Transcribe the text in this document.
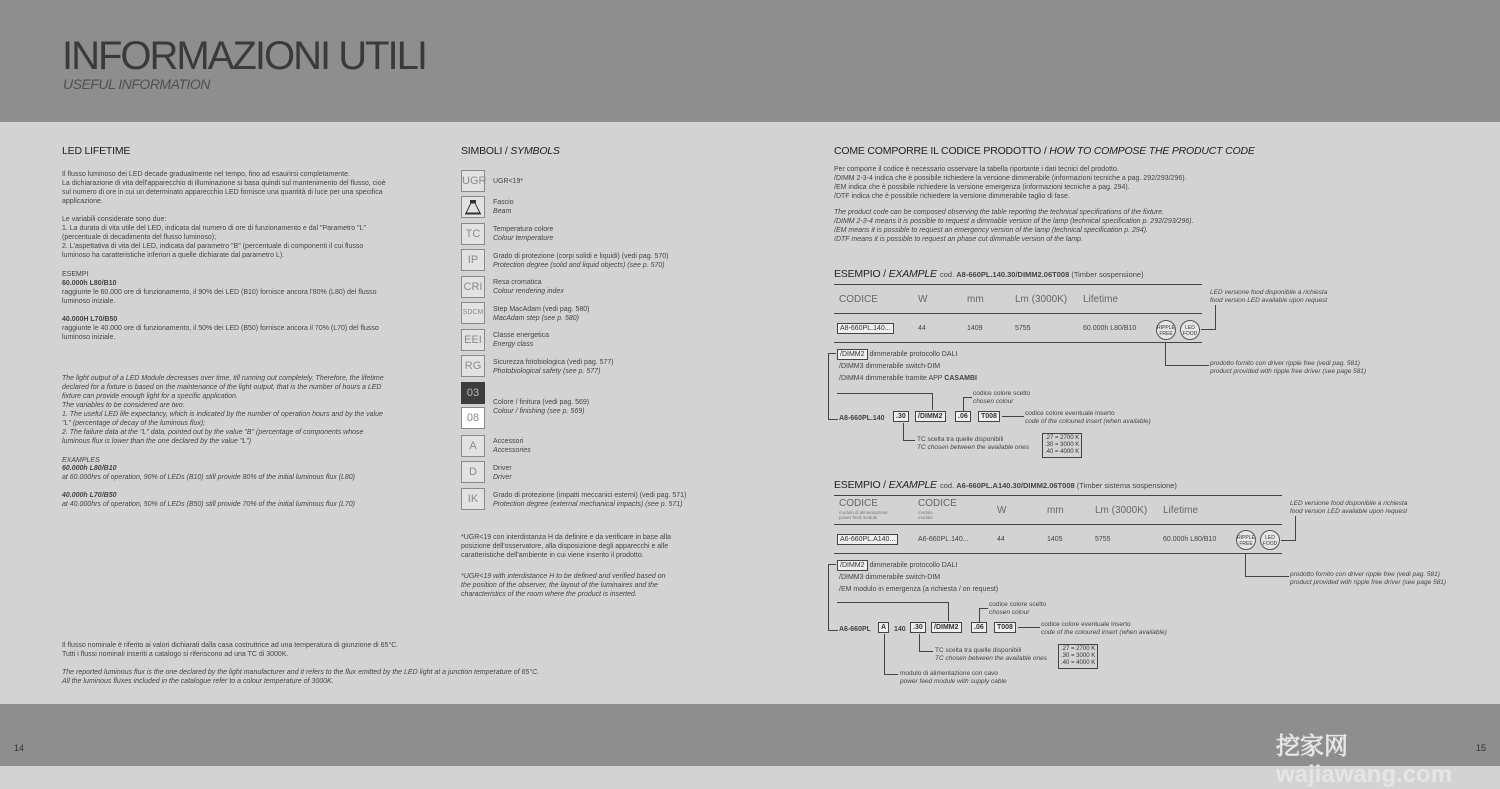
INFORMAZIONI UTILI
USEFUL INFORMATION
LED LIFETIME
Il flusso luminoso dei LED decade gradualmente nel tempo, fino ad esaurirsi completamente.
La dichiarazione di vita dell'apparecchio di illuminazione si basa quindi sul mantenimento del flusso, cioè
sul numero di ore in cui un determinato apparecchio LED fornisce una quantità di luce per una specifica
applicazione.
Le variabili considerate sono due:
1. La durata di vita utile del LED, indicata dal numero di ore di funzionamento e dal "Parametro "L"
(percentuale di decadimento del flusso luminoso);
2. L'aspettativa di vita del LED, indicata dal parametro "B" (percentuale di componenti il cui flusso
luminoso ha caratteristiche inferiori a quelle dichiarate dal parametro L).
ESEMPI
60.000h L80/B10
raggiunte le 60.000 ore di funzionamento, il 90% dei LED (B10) fornisce ancora l'80% (L80) del flusso
luminoso iniziale.
40.000H L70/B50
raggiunte le 40.000 ore di funzionamento, il 50% dei LED (B50) fornisce ancora il 70% (L70) del flusso
luminoso iniziale.
The light output of a LED Module decreases over time, till running out completely. Therefore, the lifetime
declared for a fixture is based on the maintenance of the light output, that is the number of hours a LED
fixture can provide enough light for a specific application.
The variables to be considered are two:
1. The useful LED life expectancy, which is indicated by the number of operation hours and by the value
"L" (percentage of decay of the luminous flux);
2. The failure data at the "L" data, pointed out by the value "B" (percentage of components whose
luminous flux is lower than the one declared by the value "L")
EXAMPLES
60.000h L80/B10
at 60.000hrs of operation, 90% of LEDs (B10) still provide 80% of the initial luminous flux (L80)
40.000h L70/B50
at 40.000hrs of operation, 50% of LEDs (B50) still provide 70% of the initial luminous flux (L70)
Il flusso nominale è riferito ai valori dichiarati dalla casa costruttrice ad una temperatura di giunzione di 65°C.
Tutti i flussi nominali inseriti a catalogo si riferiscono ad una TC di 3000K.
The reported luminous flux is the one declared by the light manufacturer and it refers to the flux emitted by the LED light at a junction temperature of 65°C.
All the luminous fluxes included in the catalogue refer to a colour temperature of 3000K.
SIMBOLI / SYMBOLS
UGR UGR<19*
Fascio
Beam
TC	Temperatura colore
Colour temperature
IP	Grado di protezione (corpi solidi e liquidi) (vedi pag. 570)
Protection degree (solid and liquid objects) (see p. 570)
CRI	Resa cromatica
Colour rendering index
SDCM Step MacAdam (vedi pag. 580)
MacAdam step (see p. 580)
EEI	Classe energetica
Energy class
RG	Sicurezza fotobiologica (vedi pag. 577)
Photobiological safety (see p. 577)
03
08
Colore / finitura (vedi pag. 569)
Colour / finishing (see p. 569)
A	Accessori
Accessories
D	Driver
Driver
IK	Grado di protezione (impatti meccanici esterni) (vedi pag. 571)
Protection degree (external mechanical impacts) (see p. 571)
*UGR<19 con interdistanza H da definire e da verificare in base alla
posizione dell'osservatore, alla disposizione degli apparecchi e alle
caratteristiche dell'ambiente in cui viene inserito il prodotto.
*UGR<19 with interdistance H to be defined and verified based on
the position of the observer, the layout of the luminaires and the
characteristics of the room where the product is inserted.
COME COMPORRE IL CODICE PRODOTTO / HOW TO COMPOSE THE PRODUCT CODE
Per comporre il codice è necessario osservare la tabella riportante i dati tecnici del prodotto.
/DIMM 2-3-4 indica che è possibile richiedere la versione dimmerabile (informazioni tecniche a pag. 292/293/296).
/EM indica che è possibile richiedere la versione emergenza (informazioni tecniche a pag. 294).
/DTF indica che è possibile richiedere la versione dimmerabile taglio di fase.
The product code can be composed observing the table reporting the technical specifications of the fixture.
/DIMM 2-3-4 means it is possible to request a dimmable version of the lamp (technical specification p. 292/293/296).
/EM means it is possible to request an emergency version of the lamp (technical specification p. 294).
/DTF means it is possible to request an phase cut dimmable version of the lamp.
ESEMPIO / EXAMPLE cod. A8-660PL.140.30/DIMM2.06T008 (Timber sospensione)
CODICE	W	mm	Lm (3000K) Lifetime
A8-660PL.140...	44	1409	5755	60.000h L80/B10	RIPPLE
FREE
LED
FOOD
LED versione food disponibile a richiesta
food version LED available upon request
prodotto fornito con driver ripple free (vedi pag. 581)
product provided with ripple free driver (see page 581)
/DIMM2 dimmerabile protocollo DALI
/DIMM3 dimmerabile switch-DIM
/DIMM4 dimmerabile tramite APP CASAMBI
codice colore scelto
chosen colour
A8-660PL.140	.30	/DIMM2	.06	T008	codice colore eventuale inserto
code of the coloured insert (when available)
TC scelta tra quelle disponibili
TC chosen between the available ones
.27 = 2700 K
.30 = 3000 K
.40 = 4000 K
ESEMPIO / EXAMPLE cod. A6-660PL.A140.30/DIMM2.06T008 (Timber sistema sospensione)
CODICE
modulo di alimentazione
power feed module
CODICE
modulo
module
W	mm	Lm (3000K) Lifetime
A6-660PL.A140...	A6-660PL.140...	44	1405	5755	60.000h L80/B10	RIPPLE
FREE
LED
FOOD
LED versione food disponibile a richiesta
food version LED available upon request
prodotto fornito con driver ripple free (vedi pag. 581)
product provided with ripple free driver (see page 581)
/DIMM2 dimmerabile protocollo DALI
/DIMM3 dimmerabile switch-DIM
/EM modulo in emergenza (a richiesta / on request)
codice colore scelto
chosen colour
A6-660PL	A	140	.30	/DIMM2	.06	T008	codice colore eventuale inserto
code of the coloured insert (when available)
TC scelta tra quelle disponibili
TC chosen between the available ones
.27 = 2700 K
.30 = 3000 K
.40 = 4000 K
modulo di alimentazione con cavo
power feed module with supply cable
14	挖家网 wajiawang.com
15
